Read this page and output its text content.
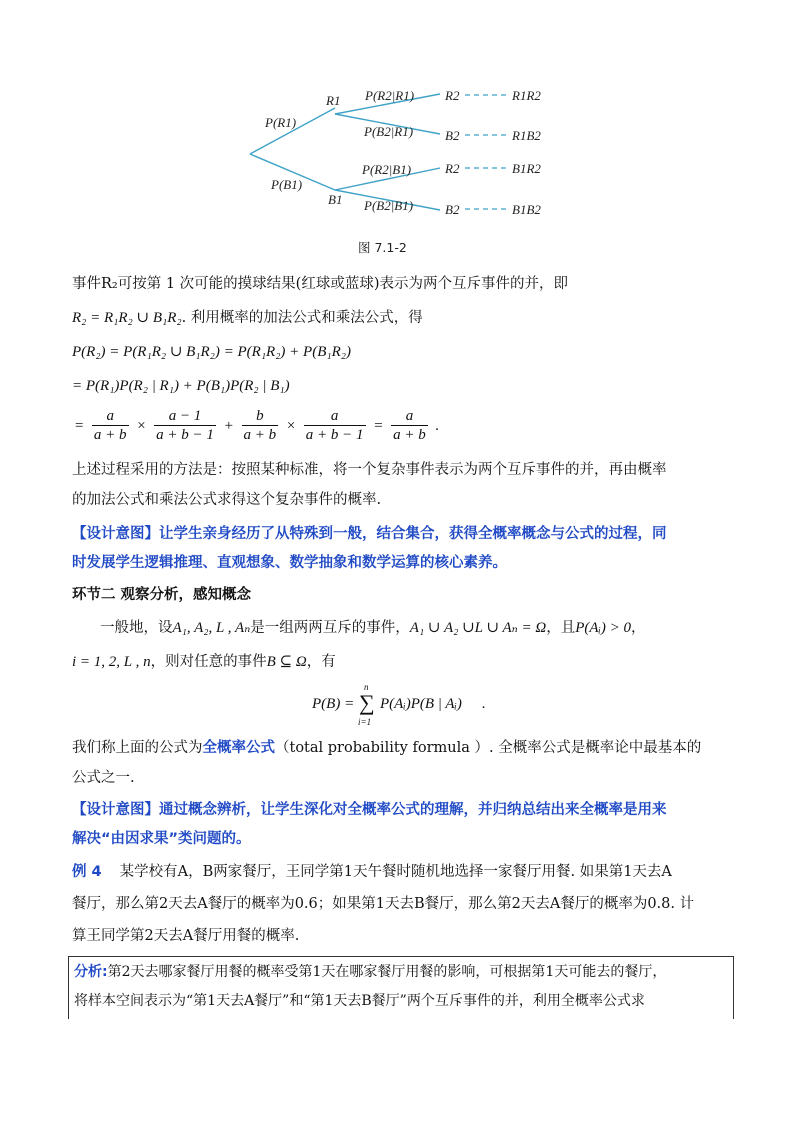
P(R1)
P(B1)
R1
B1
P(R2|R1)
P(B2|R1)
P(R2|B1)
P(B2|B1)
R2
B2
R2
B2
R1R2
R1B2
B1R2
B1B2
图 7.1-2
事件R₂可按第 1 次可能的摸球结果(红球或蓝球)表示为两个互斥事件的并，即
R₂ = R₁R₂ ∪ B₁R₂. 利用概率的加法公式和乘法公式，得
P(R₂) = P(R₁R₂ ∪ B₁R₂) = P(R₁R₂) + P(B₁R₂)
= P(R₁)P(R₂ | R₁) + P(B₁)P(R₂ | B₁)
= $\frac{a}{a + b} \times \frac{a - 1}{a + b - 1} + \frac{b}{a + b} \times \frac{a}{a + b - 1} = \frac{a}{a + b}$ .
上述过程采用的方法是：按照某种标准，将一个复杂事件表示为两个互斥事件的并，再由概率
的加法公式和乘法公式求得这个复杂事件的概率.
【设计意图】让学生亲身经历了从特殊到一般，结合集合，获得全概率概念与公式的过程，同
时发展学生逻辑推理、直观想象、数学抽象和数学运算的核心素养。
环节二 观察分析，感知概念
一般地，设A₁, A₂, L , Aₙ是一组两两互斥的事件，A₁ ∪ A₂ ∪L ∪ Aₙ = Ω，且P(Aᵢ) > 0，
i = 1, 2, L , n，则对任意的事件B ⊆ Ω，有
P(B) =
n
∑
i=1
P(Aᵢ)P(B | Aᵢ) .
我们称上面的公式为全概率公式（total probability formula ）. 全概率公式是概率论中最基本的
公式之一.
【设计意图】通过概念辨析，让学生深化对全概率公式的理解，并归纳总结出来全概率是用来
解决“由因求果”类问题的。
例 4 某学校有A，B两家餐厅，王同学第1天午餐时随机地选择一家餐厅用餐. 如果第1天去A
餐厅，那么第2天去A餐厅的概率为0.6；如果第1天去B餐厅，那么第2天去A餐厅的概率为0.8. 计
算王同学第2天去A餐厅用餐的概率.
分析:第2天去哪家餐厅用餐的概率受第1天在哪家餐厅用餐的影响，可根据第1天可能去的餐厅，
将样本空间表示为“第1天去A餐厅”和“第1天去B餐厅”两个互斥事件的并，利用全概率公式求
